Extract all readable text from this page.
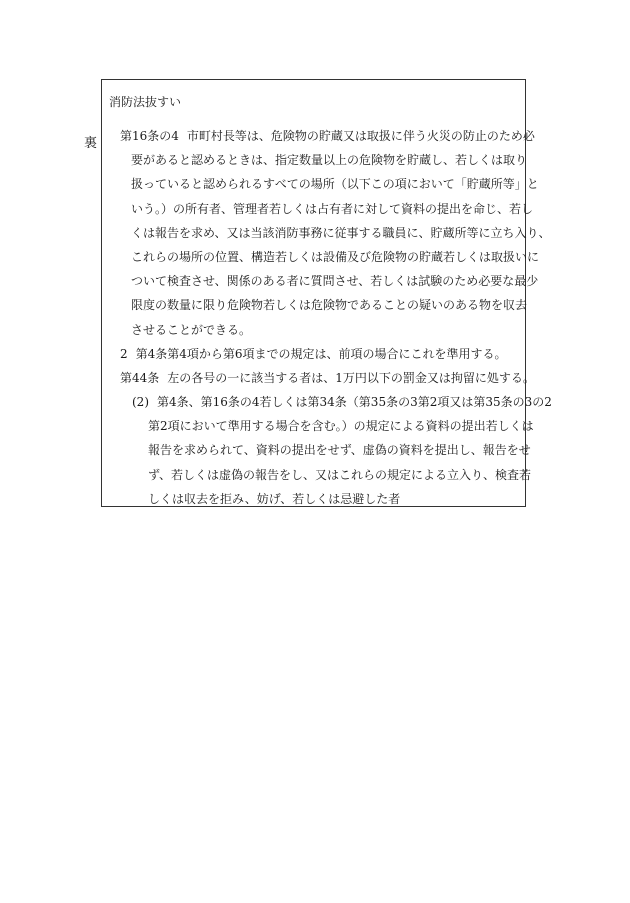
裏
消防法抜すい
第16条の4 市町村長等は、危険物の貯蔵又は取扱に伴う火災の防止のため必
要があると認めるときは、指定数量以上の危険物を貯蔵し、若しくは取り
扱っていると認められるすべての場所（以下この項において「貯蔵所等」と
いう。）の所有者、管理者若しくは占有者に対して資料の提出を命じ、若し
くは報告を求め、又は当該消防事務に従事する職員に、貯蔵所等に立ち入り、
これらの場所の位置、構造若しくは設備及び危険物の貯蔵若しくは取扱いに
ついて検査させ、関係のある者に質問させ、若しくは試験のため必要な最少
限度の数量に限り危険物若しくは危険物であることの疑いのある物を収去
させることができる。
2 第4条第4項から第6項までの規定は、前項の場合にこれを準用する。
第44条 左の各号の一に該当する者は、1万円以下の罰金又は拘留に処する。
(2) 第4条、第16条の4若しくは第34条（第35条の3第2項又は第35条の3の2
第2項において準用する場合を含む。）の規定による資料の提出若しくは
報告を求められて、資料の提出をせず、虚偽の資料を提出し、報告をせ
ず、若しくは虚偽の報告をし、又はこれらの規定による立入り、検査若
しくは収去を拒み、妨げ、若しくは忌避した者
